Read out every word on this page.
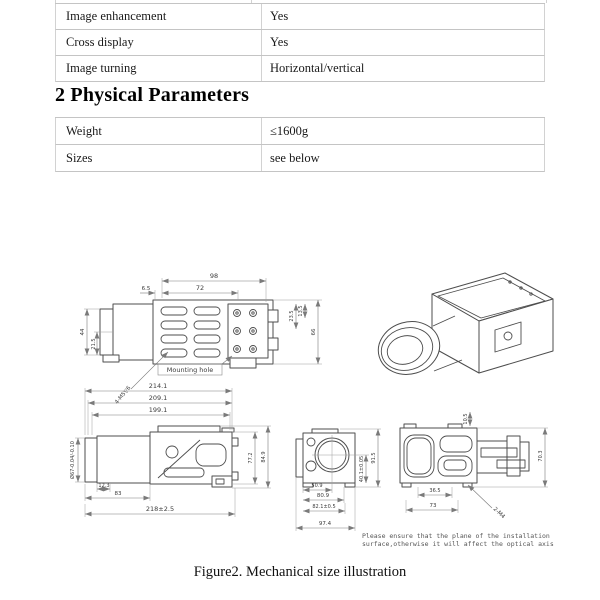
Image enhancement	Yes
Cross display	Yes
Image turning	Horizontal/vertical
2 Physical Parameters
Weight	≤1600g
Sizes	see below
98
6.5	72
44
21.5
66
23.5 13.5
4-M5▽6
Mounting hole
214.1
209.1
199.1
Ø67-0.04/-0.10
12.3
83
218±2.5
77.2 84.9
50.9
80.9
82.1±0.5
97.4
91.5
40.1±0.05
10.5
70.3
36.5
73
2-M4
Please ensure that the plane of the installation
surface,otherwise it will affect the optical axis
Figure2. Mechanical size illustration
